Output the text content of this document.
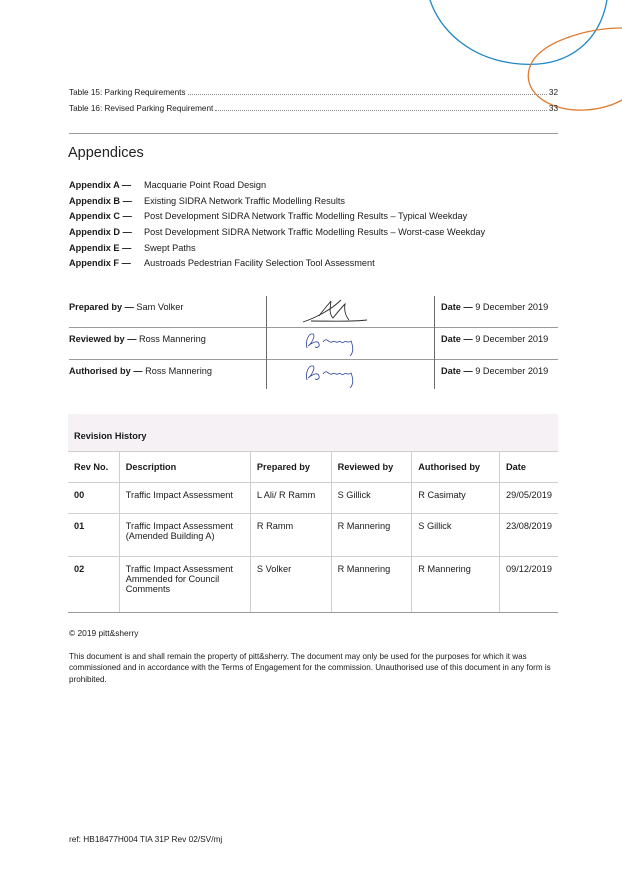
Table 15: Parking Requirements	32
Table 16: Revised Parking Requirement	33
Appendices
Appendix A —	Macquarie Point Road Design
Appendix B —	Existing SIDRA Network Traffic Modelling Results
Appendix C —	Post Development SIDRA Network Traffic Modelling Results – Typical Weekday
Appendix D —	Post Development SIDRA Network Traffic Modelling Results – Worst-case Weekday
Appendix E —	Swept Paths
Appendix F —	Austroads Pedestrian Facility Selection Tool Assessment
Prepared by — Sam Volker	Date — 9 December 2019
Reviewed by — Ross Mannering	Date — 9 December 2019
Authorised by — Ross Mannering	Date — 9 December 2019
Revision History					
Rev No.	Description	Prepared by	Reviewed by	Authorised by	Date
00	Traffic Impact Assessment	L Ali/ R Ramm	S Gillick	R Casimaty	29/05/2019
01	Traffic Impact Assessment (Amended Building A)	R Ramm	R Mannering	S Gillick	23/08/2019
02	Traffic Impact Assessment Ammended for Council Comments	S Volker	R Mannering	R Mannering	09/12/2019
© 2019 pitt&sherry
This document is and shall remain the property of pitt&sherry. The document may only be used for the purposes for which it was commissioned and in accordance with the Terms of Engagement for the commission. Unauthorised use of this document in any form is prohibited.
ref: HB18477H004 TIA 31P Rev 02/SV/mj
